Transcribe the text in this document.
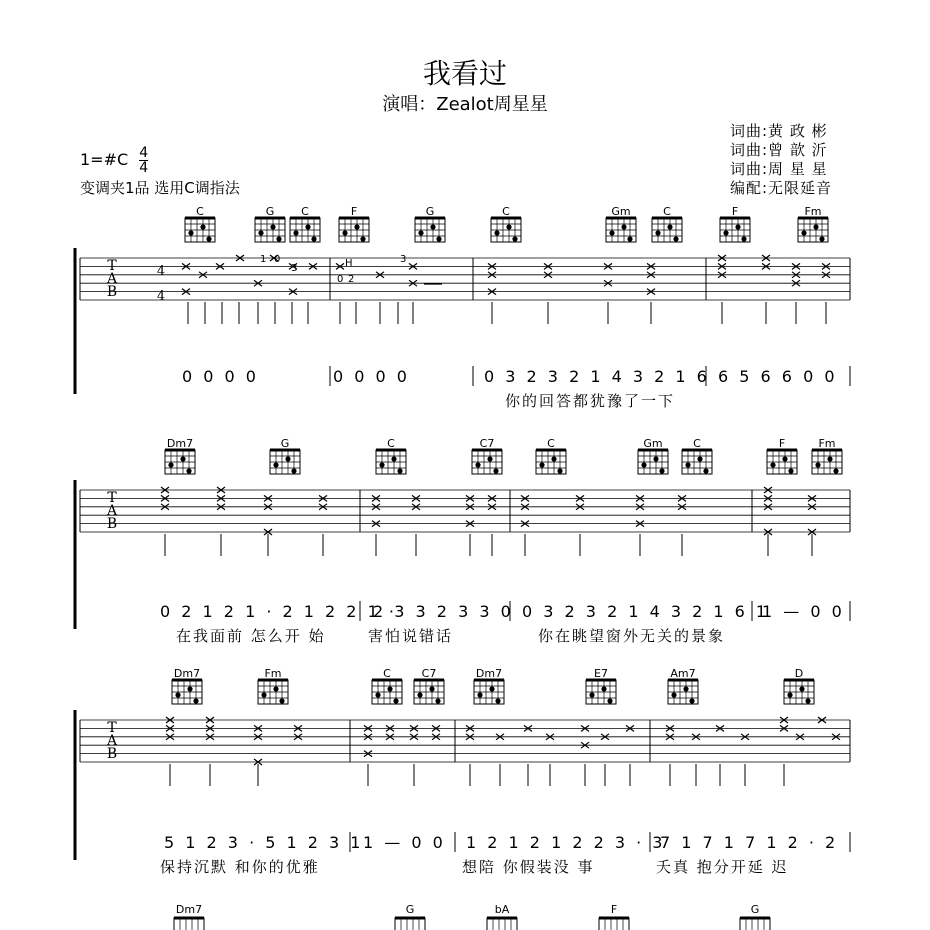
我看过
演唱：Zealot周星星
词曲:黄 政 彬
词曲:曾 歆 沂
词曲:周 星 星
编配:无限延音
1=#C $\frac{4}{4}$
变调夹1品 选用C调指法
C	G C	F	G	C	Gm	C	F	Fm
T
A
B
0 0 0 0	0 0 0 0	0 3 2 3 2 1 4 3 2 1 6 6 5 6 6 0 0
你的回答都犹豫了一下
4
4
1 0
3	H
0 2
3
Dm7	G	C	C7	C	Gm	C	F	Fm
T
A
B
0 2 1 2 1 · 2 1 2 2 1 ·
2 3 3 2 3 3 0 0 3 2 3 2 1 4 3 2 1 6 1
1 — 0 0
在我面前 怎么开 始	害怕说错话	你在眺望窗外无关的景象
Dm7	Fm	C	C7	Dm7	E7	Am7	D
T
A
B
5 1 2 3 · 5 1 2 3 1 1 — 0 0 1 2 1 2 1 2 2 3 · 3
7 1 7 1 7 1 2 · 2
保持沉默 和你的优雅	想陪 你假装没 事	夭真 抱分开延 迟
Dm7	G	bA	F	G
